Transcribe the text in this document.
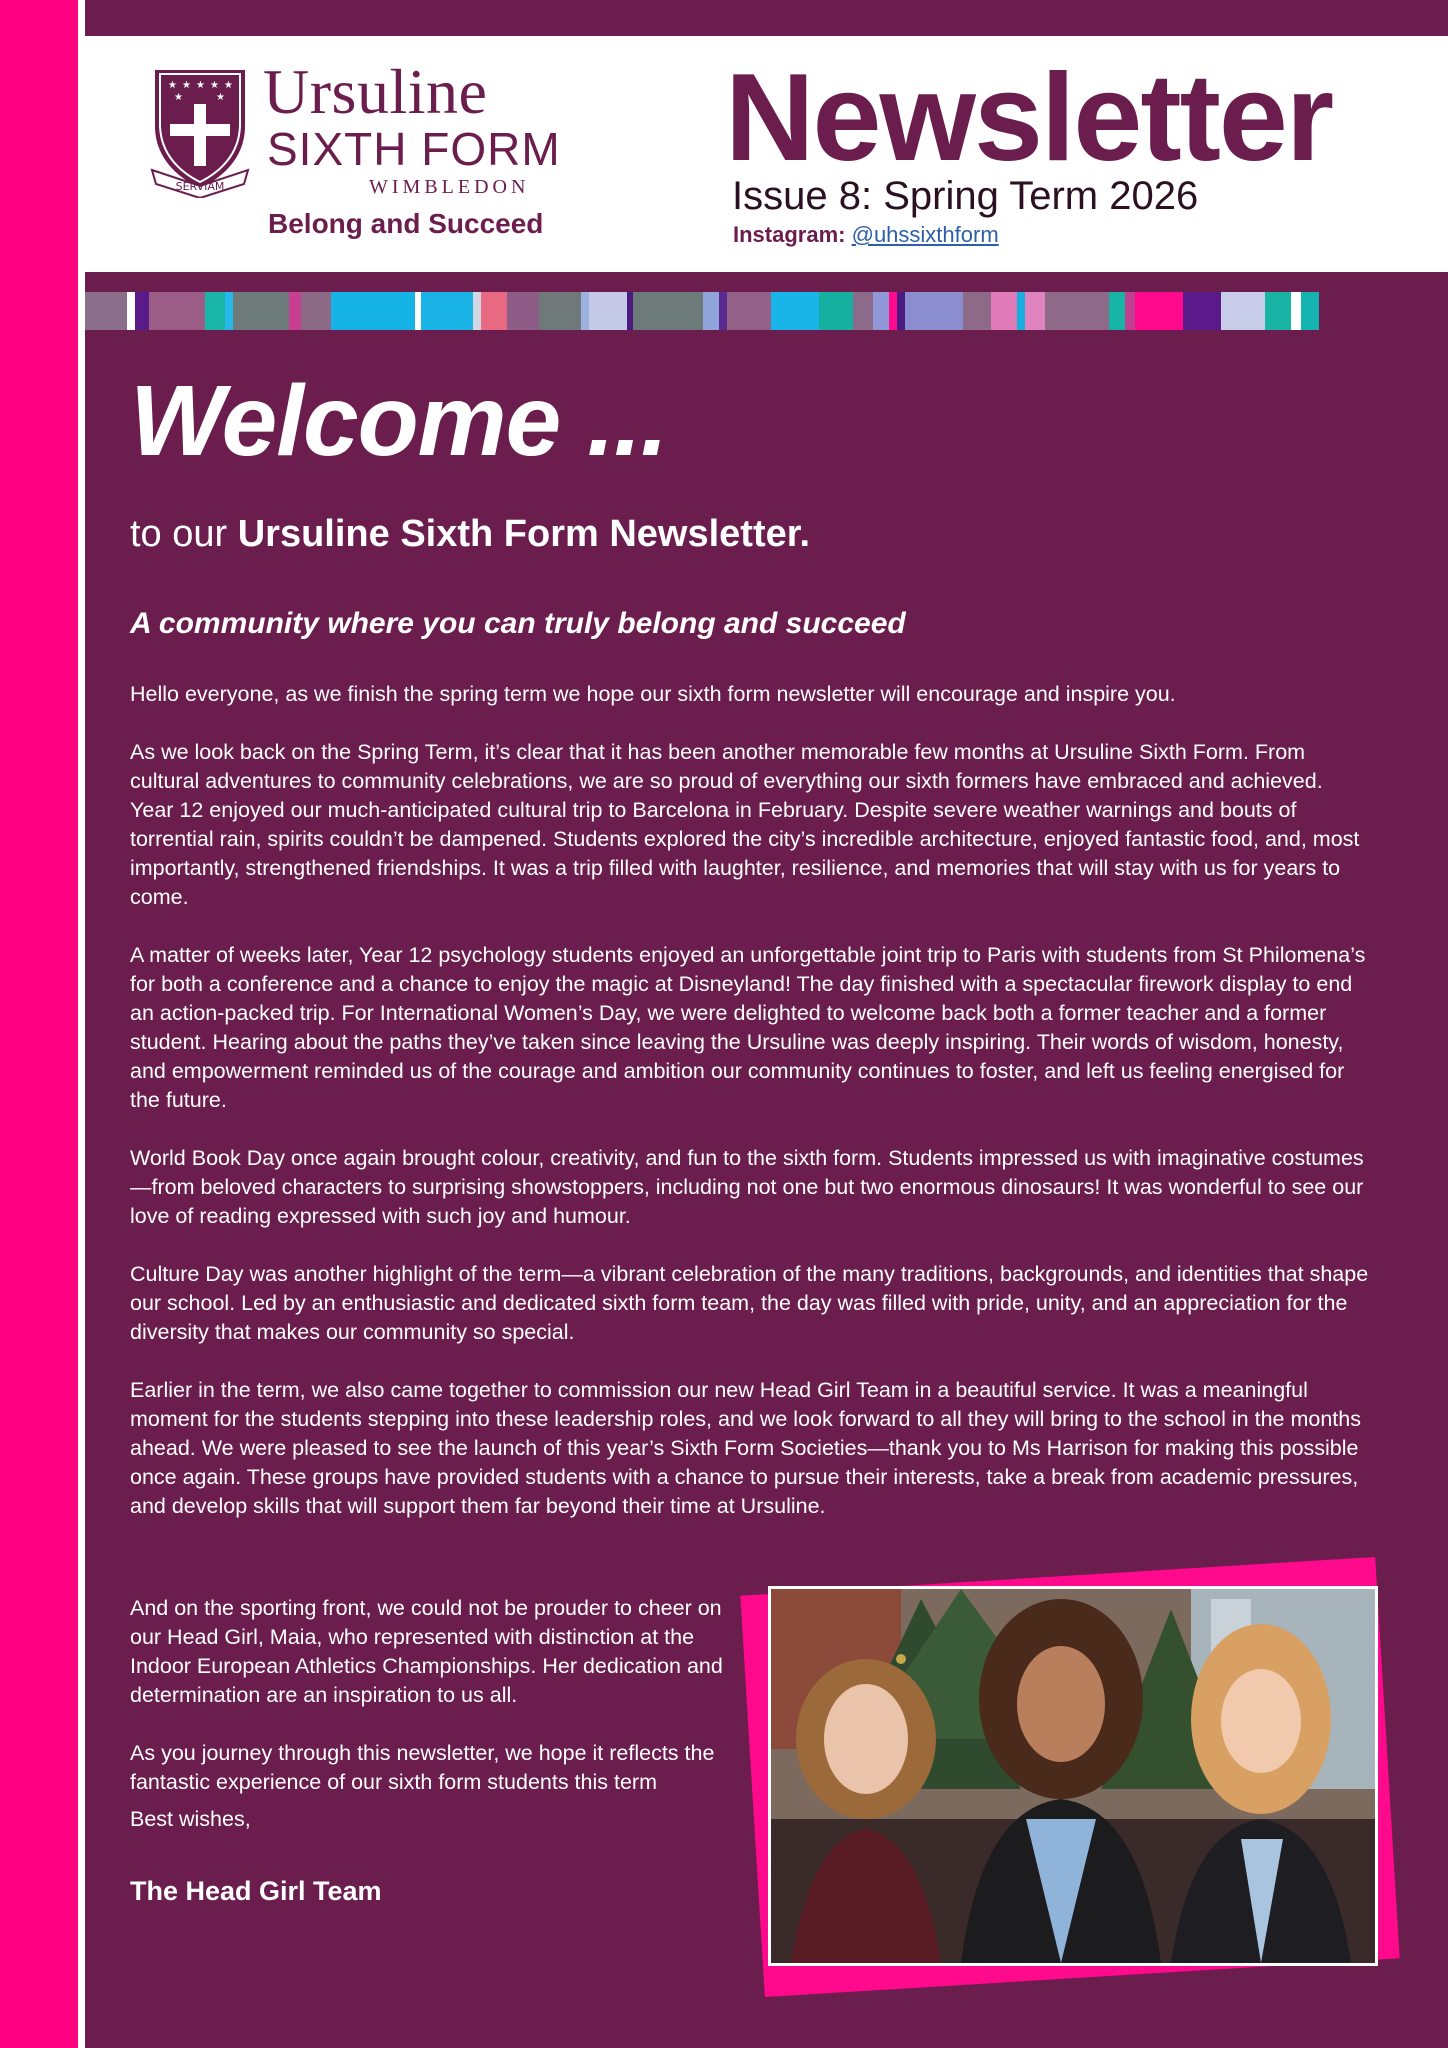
★ ★ ★ ★ ★
★	★
SERVIAM
Ursuline
SIXTH FORM
WIMBLEDON
Belong and Succeed
Newsletter
Issue 8: Spring Term 2026
Instagram: @uhssixthform
Welcome ...

to our Ursuline Sixth Form Newsletter.

A community where you can truly belong and succeed

Hello everyone, as we finish the spring term we hope our sixth form newsletter will encourage and inspire you.

As we look back on the Spring Term, it’s clear that it has been another memorable few months at Ursuline Sixth Form. From cultural adventures to community celebrations, we are so proud of everything our sixth formers have embraced and achieved. Year 12 enjoyed our much-anticipated cultural trip to Barcelona in February. Despite severe weather warnings and bouts of torrential rain, spirits couldn’t be dampened. Students explored the city’s incredible architecture, enjoyed fantastic food, and, most importantly, strengthened friendships. It was a trip filled with laughter, resilience, and memories that will stay with us for years to come.

A matter of weeks later, Year 12 psychology students enjoyed an unforgettable joint trip to Paris with students from St Philomena’s for both a conference and a chance to enjoy the magic at Disneyland! The day finished with a spectacular firework display to end an action-packed trip. For International Women’s Day, we were delighted to welcome back both a former teacher and a former student. Hearing about the paths they’ve taken since leaving the Ursuline was deeply inspiring. Their words of wisdom, honesty, and empowerment reminded us of the courage and ambition our community continues to foster, and left us feeling energised for the future.

World Book Day once again brought colour, creativity, and fun to the sixth form. Students impressed us with imaginative costumes—from beloved characters to surprising showstoppers, including not one but two enormous dinosaurs! It was wonderful to see our love of reading expressed with such joy and humour.

Culture Day was another highlight of the term—a vibrant celebration of the many traditions, backgrounds, and identities that shape our school. Led by an enthusiastic and dedicated sixth form team, the day was filled with pride, unity, and an appreciation for the diversity that makes our community so special.

Earlier in the term, we also came together to commission our new Head Girl Team in a beautiful service. It was a meaningful moment for the students stepping into these leadership roles, and we look forward to all they will bring to the school in the months ahead. We were pleased to see the launch of this year’s Sixth Form Societies—thank you to Ms Harrison for making this possible once again. These groups have provided students with a chance to pursue their interests, take a break from academic pressures, and develop skills that will support them far beyond their time at Ursuline.

And on the sporting front, we could not be prouder to cheer on our Head Girl, Maia, who represented with distinction at the Indoor European Athletics Championships. Her dedication and determination are an inspiration to us all.

As you journey through this newsletter, we hope it reflects the fantastic experience of our sixth form students this term

Best wishes,

The Head Girl Team
